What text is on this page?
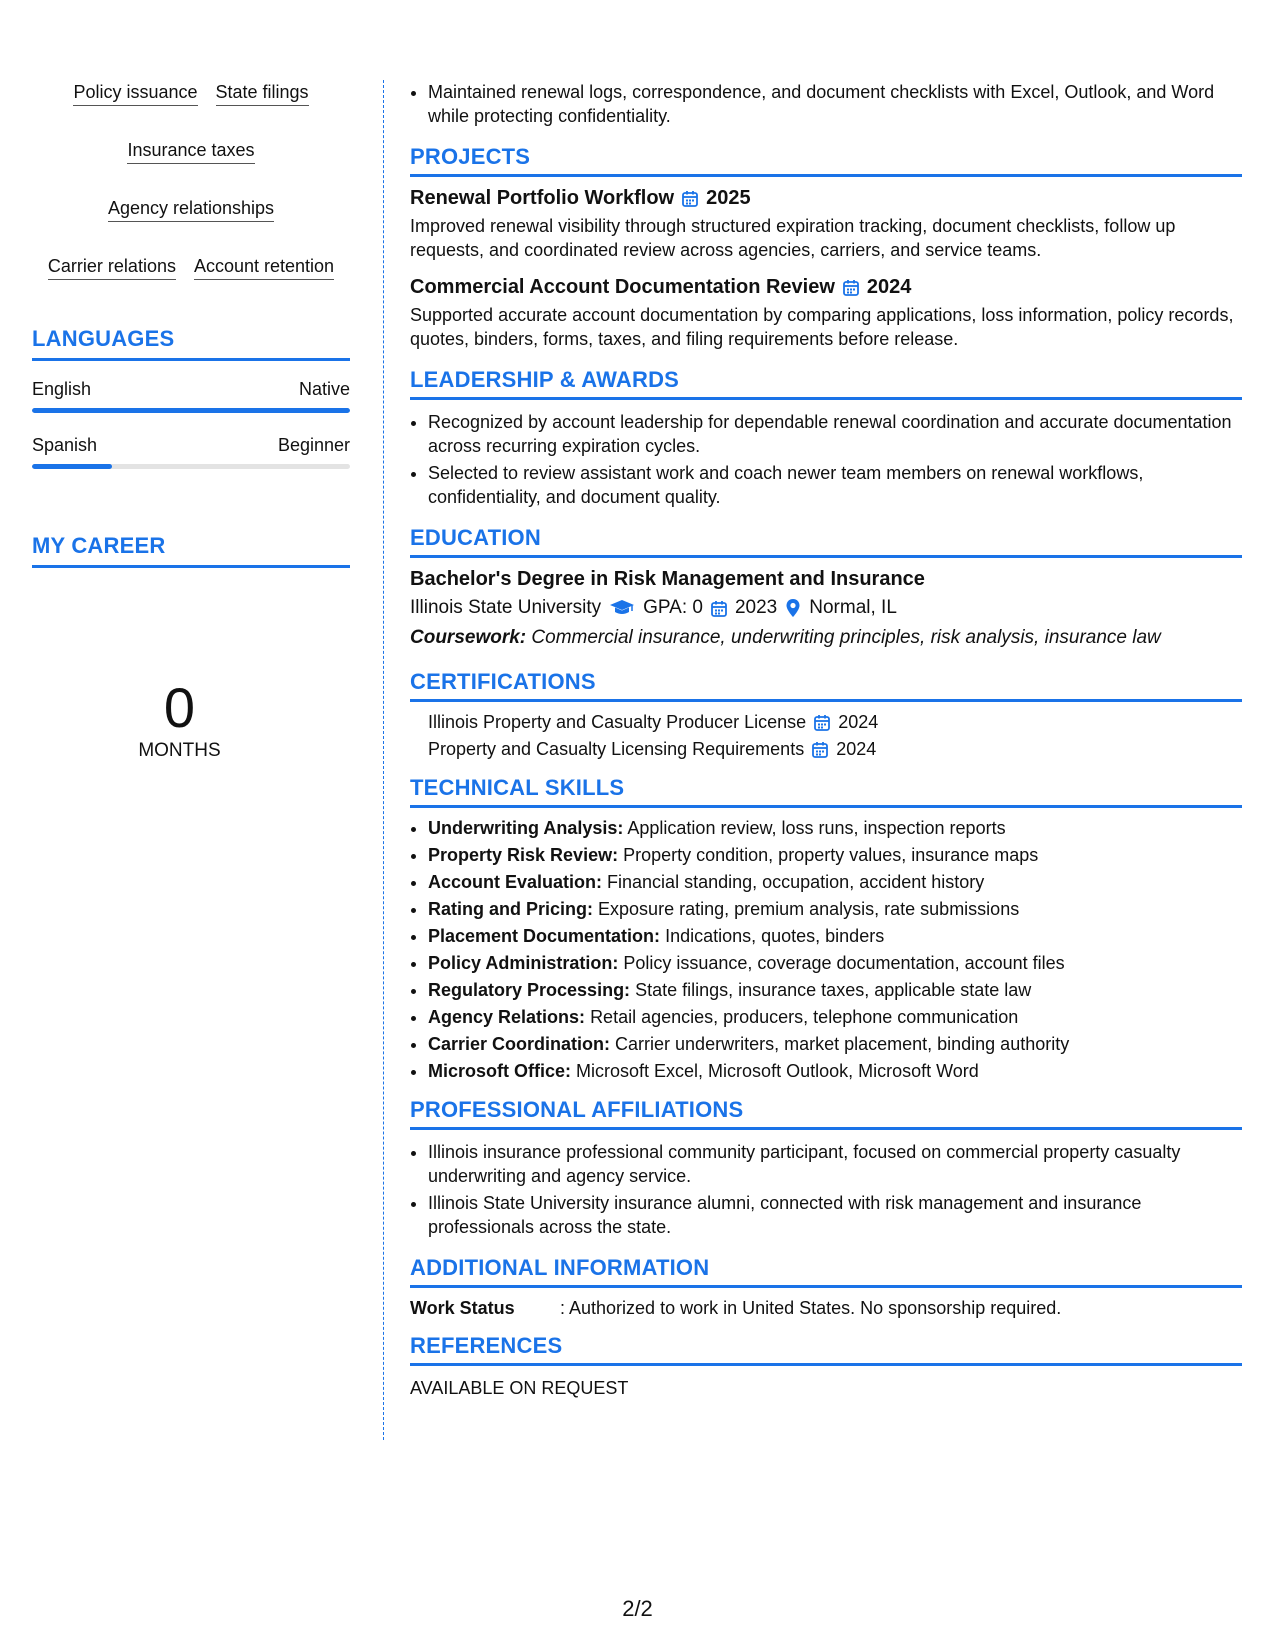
Policy issuance State filings
Insurance taxes
Agency relationships
Carrier relations Account retention
LANGUAGES
English	Native
Spanish	Beginner
MY CAREER
0
MONTHS
• Maintained renewal logs, correspondence, and document checklists with Excel, Outlook, and Word while protecting confidentiality.
PROJECTS
Renewal Portfolio Workflow 2025
Improved renewal visibility through structured expiration tracking, document checklists, follow up requests, and coordinated review across agencies, carriers, and service teams.
Commercial Account Documentation Review 2024
Supported accurate account documentation by comparing applications, loss information, policy records, quotes, binders, forms, taxes, and filing requirements before release.
LEADERSHIP & AWARDS
• Recognized by account leadership for dependable renewal coordination and accurate documentation across recurring expiration cycles.
• Selected to review assistant work and coach newer team members on renewal workflows, confidentiality, and document quality.
EDUCATION
Bachelor's Degree in Risk Management and Insurance
Illinois State University GPA: 0 2023 Normal, IL
Coursework: Commercial insurance, underwriting principles, risk analysis, insurance law
CERTIFICATIONS
Illinois Property and Casualty Producer License 2024
Property and Casualty Licensing Requirements 2024
TECHNICAL SKILLS
• Underwriting Analysis: Application review, loss runs, inspection reports
• Property Risk Review: Property condition, property values, insurance maps
• Account Evaluation: Financial standing, occupation, accident history
• Rating and Pricing: Exposure rating, premium analysis, rate submissions
• Placement Documentation: Indications, quotes, binders
• Policy Administration: Policy issuance, coverage documentation, account files
• Regulatory Processing: State filings, insurance taxes, applicable state law
• Agency Relations: Retail agencies, producers, telephone communication
• Carrier Coordination: Carrier underwriters, market placement, binding authority
• Microsoft Office: Microsoft Excel, Microsoft Outlook, Microsoft Word
PROFESSIONAL AFFILIATIONS
• Illinois insurance professional community participant, focused on commercial property casualty underwriting and agency service.
• Illinois State University insurance alumni, connected with risk management and insurance professionals across the state.
ADDITIONAL INFORMATION
Work Status	: Authorized to work in United States. No sponsorship required.
REFERENCES
AVAILABLE ON REQUEST
2/2
